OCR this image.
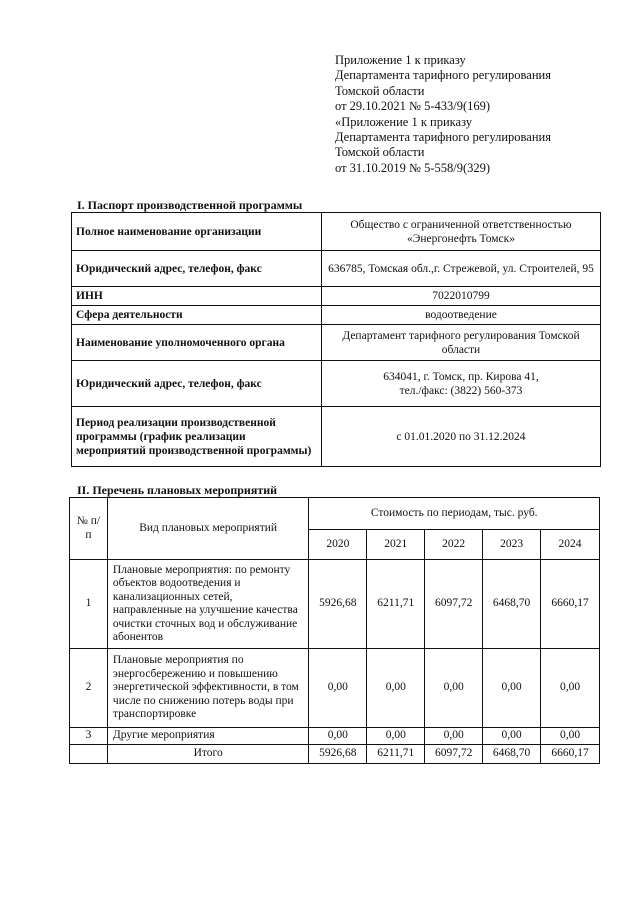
Приложение 1 к приказу
Департамента тарифного регулирования
Томской области
от 29.10.2021 № 5-433/9(169)
«Приложение 1 к приказу
Департамента тарифного регулирования
Томской области
от 31.10.2019 № 5-558/9(329)
I. Паспорт производственной программы
Полное наименование организации	Общество с ограниченной ответственностью «Энергонефть Томск»
Юридический адрес, телефон, факс	636785, Томская обл.,г. Стрежевой, ул. Строителей, 95
ИНН	7022010799
Сфера деятельности	водоотведение
Наименование уполномоченного органа	Департамент тарифного регулирования Томской области
Юридический адрес, телефон, факс	634041, г. Томск, пр. Кирова 41,
тел./факс: (3822) 560-373
Период реализации производственной программы (график реализации мероприятий производственной программы)	с 01.01.2020 по 31.12.2024
II. Перечень плановых мероприятий
№ п/п	Вид плановых мероприятий	Стоимость по периодам, тыс. руб.				
		2020	2021	2022	2023	2024
1	Плановые мероприятия: по ремонту объектов водоотведения и канализационных сетей, направленные на улучшение качества очистки сточных вод и обслуживание абонентов	5926,68	6211,71	6097,72	6468,70	6660,17
2	Плановые мероприятия по энергосбережению и повышению энергетической эффективности, в том числе по снижению потерь воды при транспортировке	0,00	0,00	0,00	0,00	0,00
3	Другие мероприятия	0,00	0,00	0,00	0,00	0,00
	Итого	5926,68	6211,71	6097,72	6468,70	6660,17
